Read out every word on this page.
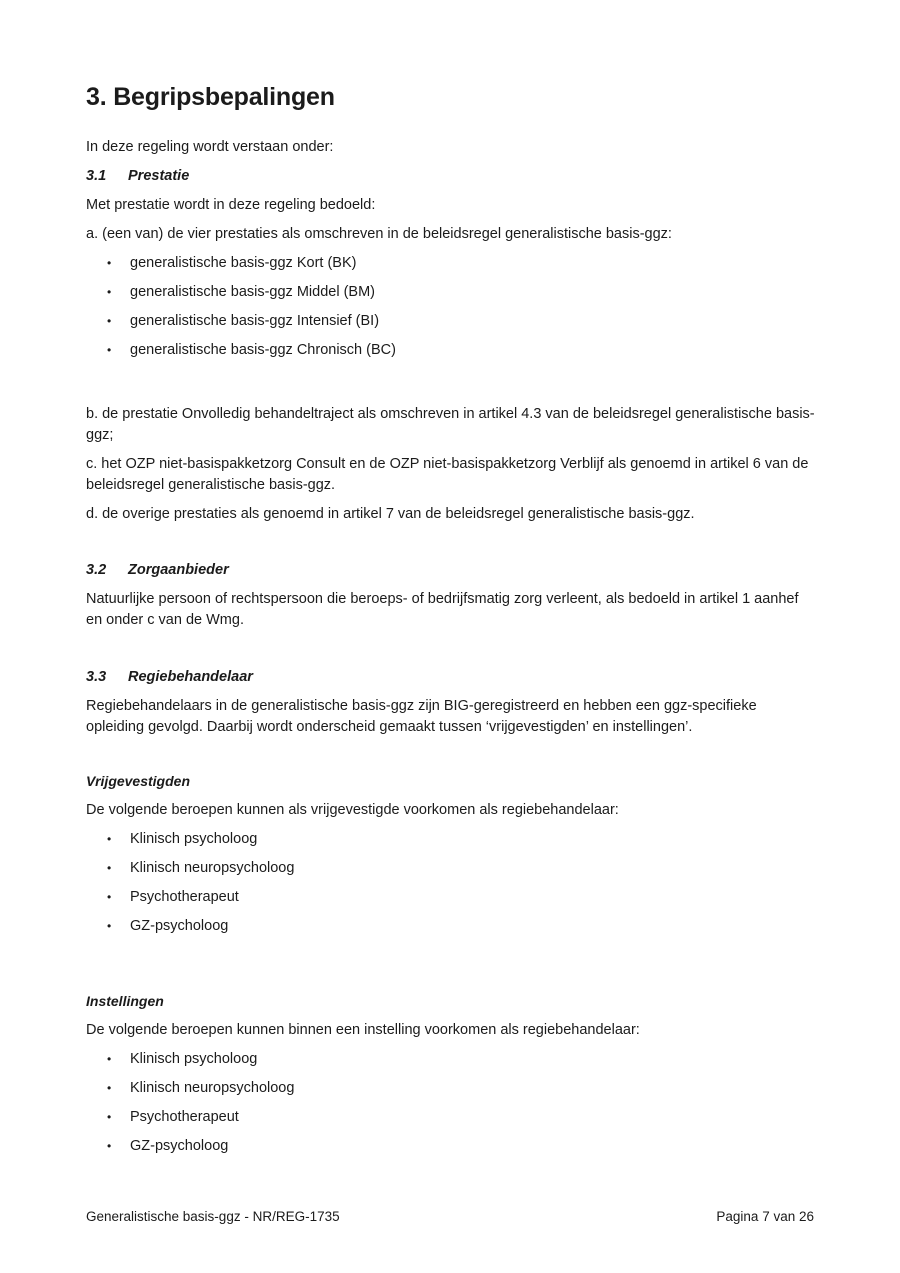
3. Begripsbepalingen

In deze regeling wordt verstaan onder:

3.1 Prestatie

Met prestatie wordt in deze regeling bedoeld:

a. (een van) de vier prestaties als omschreven in de beleidsregel generalistische basis-ggz:

•	generalistische basis-ggz Kort (BK)
•	generalistische basis-ggz Middel (BM)
•	generalistische basis-ggz Intensief (BI)
•	generalistische basis-ggz Chronisch (BC)

b. de prestatie Onvolledig behandeltraject als omschreven in artikel 4.3 van de beleidsregel generalistische basis-ggz;

c. het OZP niet-basispakketzorg Consult en de OZP niet-basispakketzorg Verblijf als genoemd in artikel 6 van de beleidsregel generalistische basis-ggz.

d. de overige prestaties als genoemd in artikel 7 van de beleidsregel generalistische basis-ggz.

3.2 Zorgaanbieder

Natuurlijke persoon of rechtspersoon die beroeps- of bedrijfsmatig zorg verleent, als bedoeld in artikel 1 aanhef en onder c van de Wmg.

3.3 Regiebehandelaar

Regiebehandelaars in de generalistische basis-ggz zijn BIG-geregistreerd en hebben een ggz-specifieke opleiding gevolgd. Daarbij wordt onderscheid gemaakt tussen ‘vrijgevestigden’ en instellingen’.

Vrijgevestigden

De volgende beroepen kunnen als vrijgevestigde voorkomen als regiebehandelaar:

•	Klinisch psycholoog
•	Klinisch neuropsycholoog
•	Psychotherapeut
•	GZ-psycholoog
Instellingen

De volgende beroepen kunnen binnen een instelling voorkomen als regiebehandelaar:

•	Klinisch psycholoog
•	Klinisch neuropsycholoog
•	Psychotherapeut
•	GZ-psycholoog
Generalistische basis-ggz - NR/REG-1735	Pagina 7 van 26
